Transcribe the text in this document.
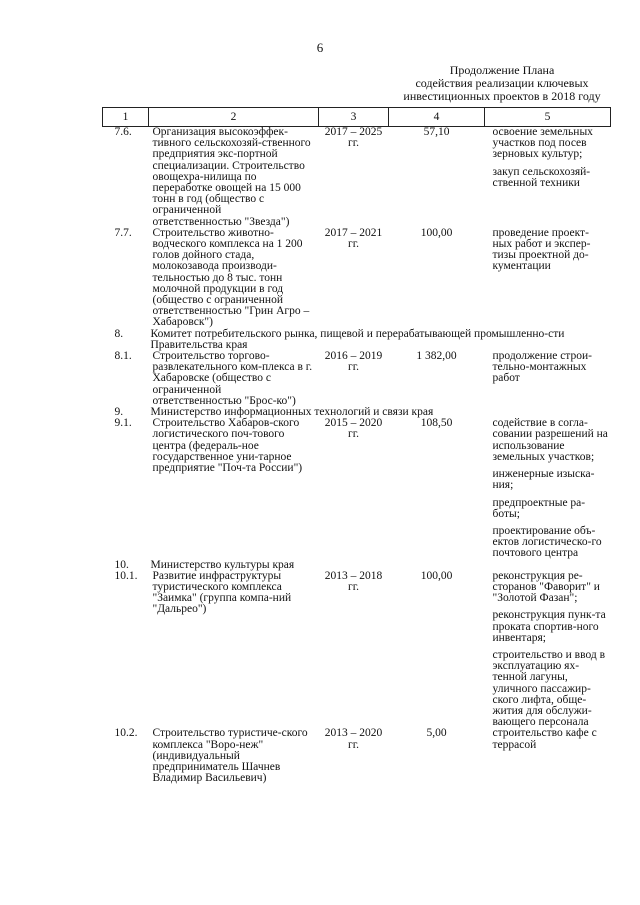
6
Продолжение Плана
содействия реализации ключевых
инвестиционных проектов в 2018 году
1	2	3	4	5
7.6.	Организация высокоэффек-тивного сельскохозяй-ственного предприятия экс-портной специализации. Строительство овощехра-нилища по переработке овощей на 15 000 тонн в год (общество с ограниченной ответственностью "Звезда")	2017 – 2025 гг.	57,10	освоение земельных участков под посев зерновых культур;
закуп сельскохозяй-ственной техники

7.7.	Строительство животно-водческого комплекса на 1 200 голов дойного стада, молокозавода производи-тельностью до 8 тыс. тонн молочной продукции в год (общество с ограниченной ответственностью "Грин Агро – Хабаровск")	2017 – 2021 гг.	100,00	проведение проект-ных работ и экспер-тизы проектной до-кументации

8.	Комитет потребительского рынка, пищевой и перерабатывающей промышленно-сти Правительства края			
8.1.	Строительство торгово-развлекательного ком-плекса в г. Хабаровске (общество с ограниченной ответственностью "Брос-ко")	2016 – 2019 гг.	1 382,00	продолжение строи-тельно-монтажных работ

9.	Министерство информационных технологий и связи края			
9.1.	Строительство Хабаров-ского логистического поч-тового центра (федераль-ное государственное уни-тарное предприятие "Поч-та России")	2015 – 2020 гг.	108,50	содействие в согла-совании разрешений на использование земельных участков;
инженерные изыска-ния;
предпроектные ра-боты;
проектирование объ-ектов логистическо-го почтового центра

10.	Министерство культуры края			
10.1.	Развитие инфраструктуры туристического комплекса "Заимка" (группа компа-ний "Дальрео")	2013 – 2018 гг.	100,00	реконструкция ре-сторанов "Фаворит" и "Золотой Фазан";
реконструкция пунк-та проката спортив-ного инвентаря;
строительство и ввод в эксплуатацию ях-тенной лагуны, уличного пассажир-ского лифта, обще-жития для обслужи-вающего персонала

10.2.	Строительство туристиче-ского комплекса "Воро-неж" (индивидуальный предприниматель Шачнев Владимир Васильевич)	2013 – 2020 гг.	5,00	строительство кафе с террасой
